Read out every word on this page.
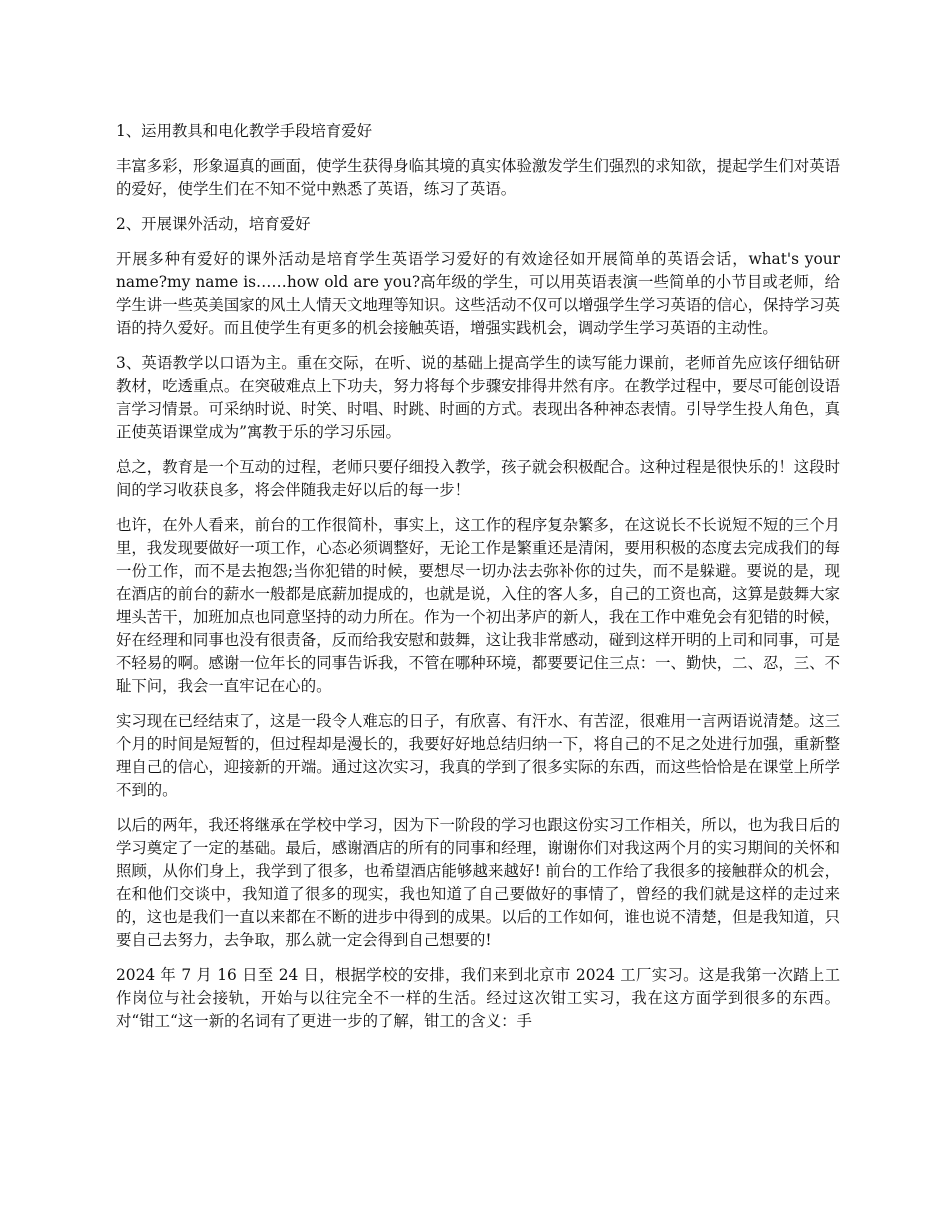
1、运用教具和电化教学手段培育爱好

丰富多彩，形象逼真的画面，使学生获得身临其境的真实体验激发学生们强烈的求知欲，提起学生们对英语的爱好，使学生们在不知不觉中熟悉了英语，练习了英语。

2、开展课外活动，培育爱好

开展多种有爱好的课外活动是培育学生英语学习爱好的有效途径如开展简单的英语会话，what's your name?my name is……how old are you?高年级的学生，可以用英语表演一些简单的小节目或老师，给学生讲一些英美国家的风土人情天文地理等知识。这些活动不仅可以增强学生学习英语的信心，保持学习英语的持久爱好。而且使学生有更多的机会接触英语，增强实践机会，调动学生学习英语的主动性。

3、英语教学以口语为主。重在交际，在听、说的基础上提高学生的读写能力课前，老师首先应该仔细钻研教材，吃透重点。在突破难点上下功夫，努力将每个步骤安排得井然有序。在教学过程中，要尽可能创设语言学习情景。可采纳时说、时笑、时唱、时跳、时画的方式。表现出各种神态表情。引导学生投人角色，真正使英语课堂成为”寓教于乐的学习乐园。

总之，教育是一个互动的过程，老师只要仔细投入教学，孩子就会积极配合。这种过程是很快乐的！这段时间的学习收获良多，将会伴随我走好以后的每一步！

也许，在外人看来，前台的工作很简朴，事实上，这工作的程序复杂繁多，在这说长不长说短不短的三个月里，我发现要做好一项工作，心态必须调整好，无论工作是繁重还是清闲，要用积极的态度去完成我们的每一份工作，而不是去抱怨;当你犯错的时候，要想尽一切办法去弥补你的过失，而不是躲避。要说的是，现在酒店的前台的薪水一般都是底薪加提成的，也就是说，入住的客人多，自己的工资也高，这算是鼓舞大家埋头苦干，加班加点也同意坚持的动力所在。作为一个初出茅庐的新人，我在工作中难免会有犯错的时候，好在经理和同事也没有很责备，反而给我安慰和鼓舞，这让我非常感动，碰到这样开明的上司和同事，可是不轻易的啊。感谢一位年长的同事告诉我，不管在哪种环境，都要要记住三点：一、勤快，二、忍，三、不耻下问，我会一直牢记在心的。

实习现在已经结束了，这是一段令人难忘的日子，有欣喜、有汗水、有苦涩，很难用一言两语说清楚。这三个月的时间是短暂的，但过程却是漫长的，我要好好地总结归纳一下，将自己的不足之处进行加强，重新整理自己的信心，迎接新的开端。通过这次实习，我真的学到了很多实际的东西，而这些恰恰是在课堂上所学不到的。

以后的两年，我还将继承在学校中学习，因为下一阶段的学习也跟这份实习工作相关，所以，也为我日后的学习奠定了一定的基础。最后，感谢酒店的所有的同事和经理，谢谢你们对我这两个月的实习期间的关怀和照顾，从你们身上，我学到了很多，也希望酒店能够越来越好! 前台的工作给了我很多的接触群众的机会，在和他们交谈中，我知道了很多的现实，我也知道了自己要做好的事情了，曾经的我们就是这样的走过来的，这也是我们一直以来都在不断的进步中得到的成果。以后的工作如何，谁也说不清楚，但是我知道，只要自己去努力，去争取，那么就一定会得到自己想要的!

2024 年 7 月 16 日至 24 日，根据学校的安排，我们来到北京市 2024 工厂实习。这是我第一次踏上工作岗位与社会接轨，开始与以往完全不一样的生活。经过这次钳工实习，我在这方面学到很多的东西。对“钳工“这一新的名词有了更进一步的了解，钳工的含义：手
